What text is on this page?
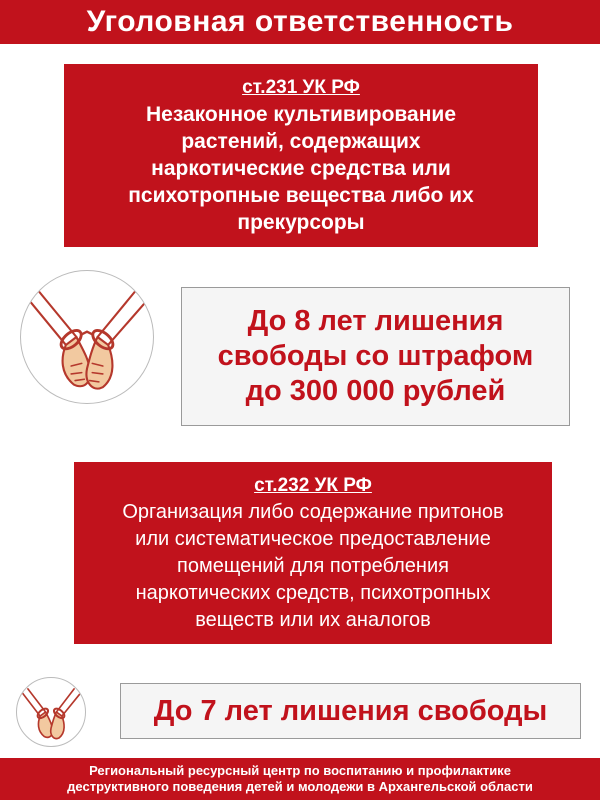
Уголовная ответственность
ст.231 УК РФ
Незаконное культивирование
растений, содержащих
наркотические средства или
психотропные вещества либо их
прекурсоры
До 8 лет лишения
свободы со штрафом
до 300 000 рублей
ст.232 УК РФ
Организация либо содержание притонов
или систематическое предоставление
помещений для потребления
наркотических средств, психотропных
веществ или их аналогов
До 7 лет лишения свободы
Региональный ресурсный центр по воспитанию и профилактике
деструктивного поведения детей и молодежи в Архангельской области
